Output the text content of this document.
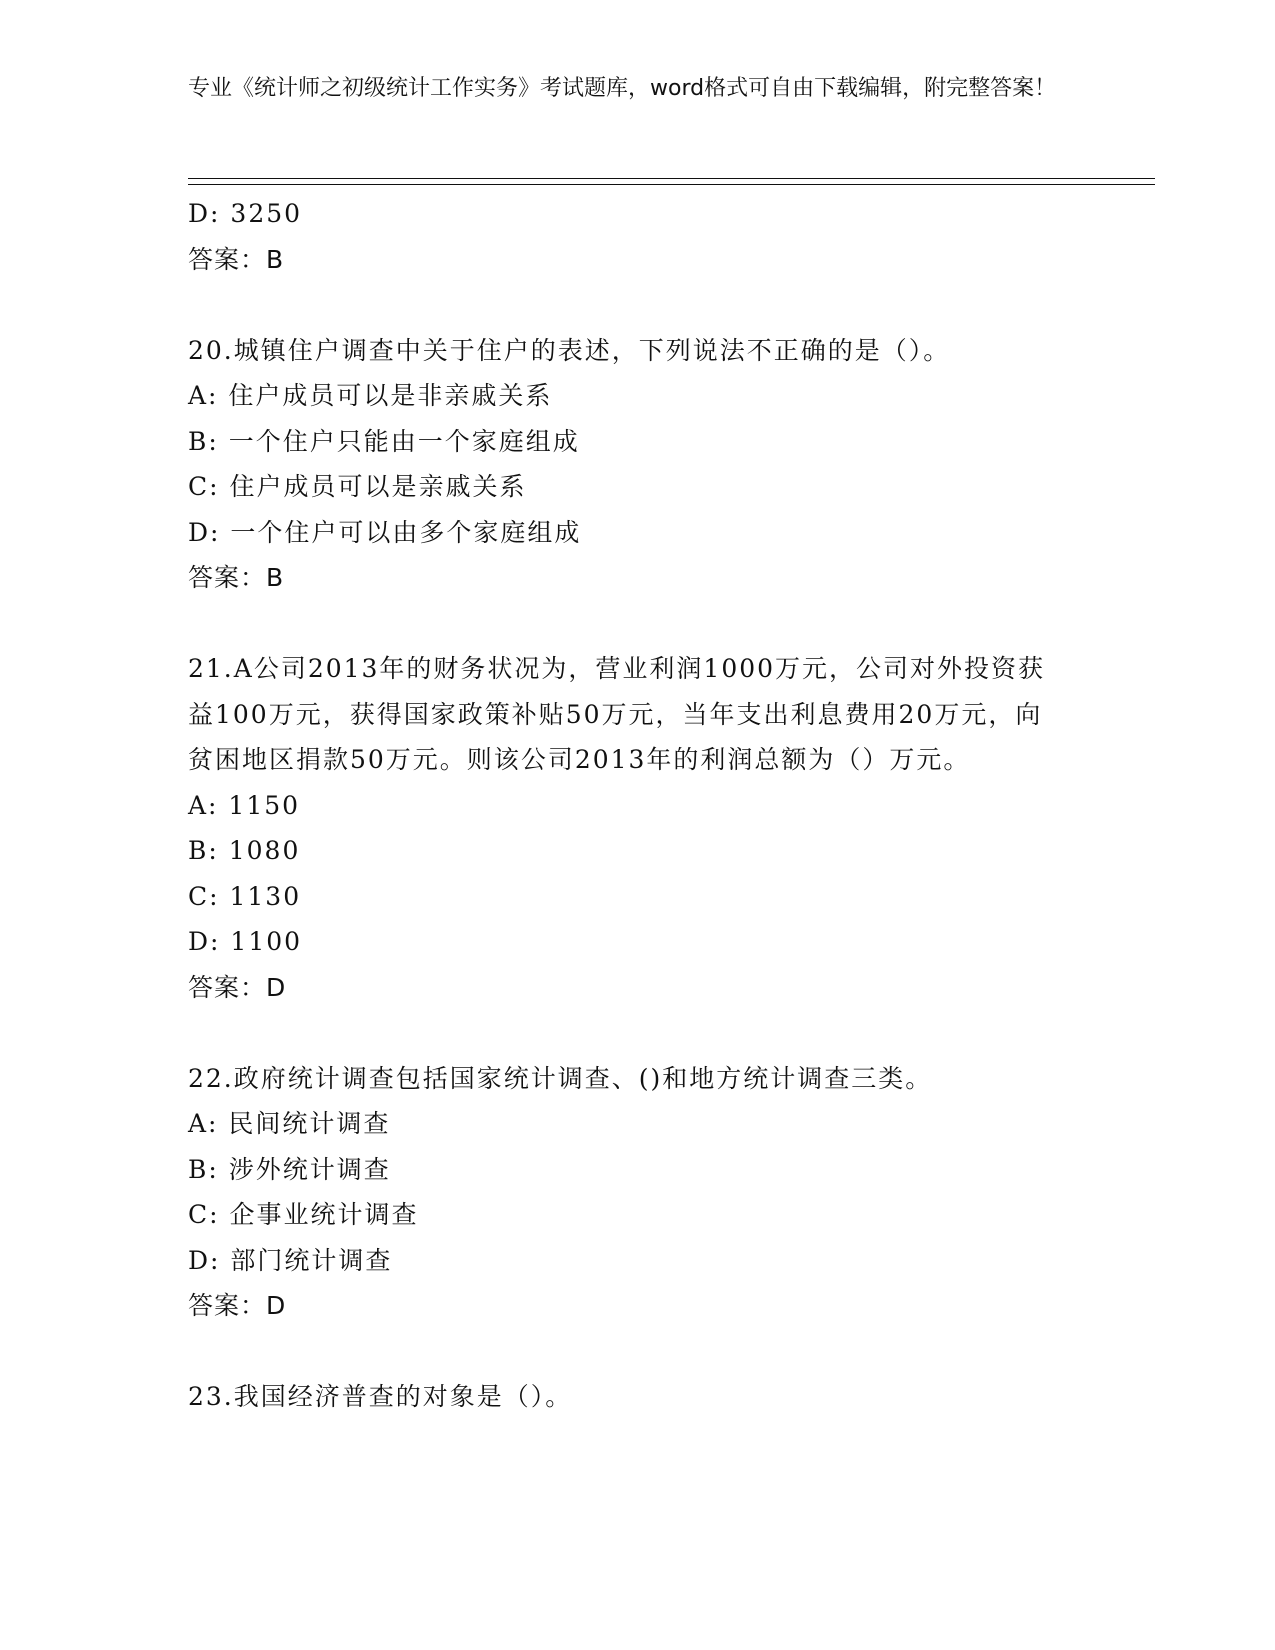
专业《统计师之初级统计工作实务》考试题库，word格式可自由下载编辑，附完整答案！
D: 3250
答案：B
20.城镇住户调查中关于住户的表述，下列说法不正确的是（）。
A: 住户成员可以是非亲戚关系
B: 一个住户只能由一个家庭组成
C: 住户成员可以是亲戚关系
D: 一个住户可以由多个家庭组成
答案：B
21.A公司2013年的财务状况为，营业利润1000万元，公司对外投资获益100万元，获得国家政策补贴50万元，当年支出利息费用20万元，向贫困地区捐款50万元。则该公司2013年的利润总额为（）万元。
A: 1150
B: 1080
C: 1130
D: 1100
答案：D
22.政府统计调查包括国家统计调查、()和地方统计调查三类。
A: 民间统计调查
B: 涉外统计调查
C: 企事业统计调查
D: 部门统计调查
答案：D
23.我国经济普查的对象是（）。
